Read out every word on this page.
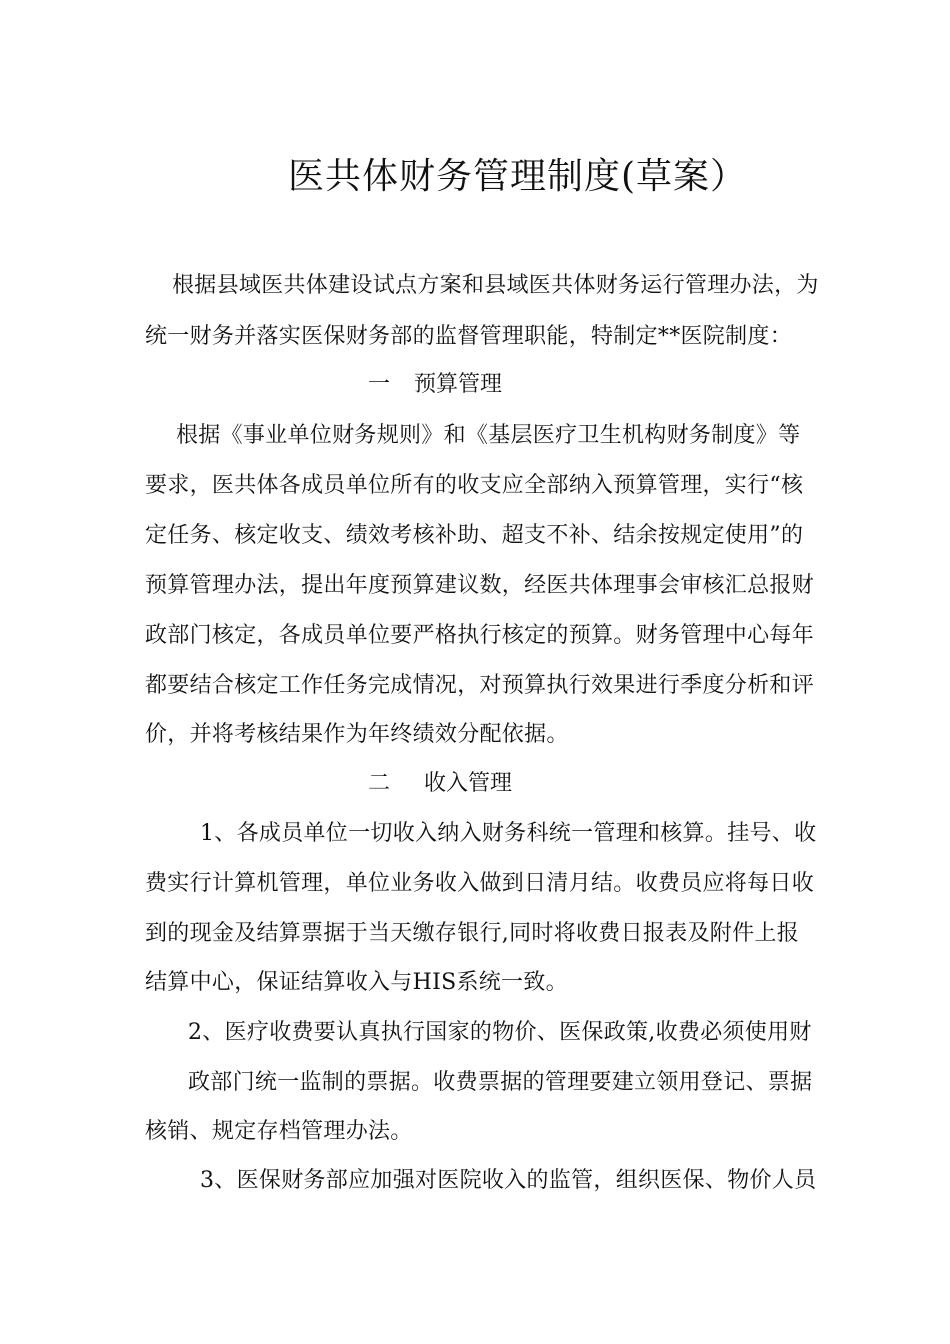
医共体财务管理制度(草案）
根据县域医共体建设试点方案和县域医共体财务运行管理办法，为
统一财务并落实医保财务部的监督管理职能，特制定**医院制度：
一 预算管理
根据《事业单位财务规则》和《基层医疗卫生机构财务制度》等
要求，医共体各成员单位所有的收支应全部纳入预算管理，实行“核
定任务、核定收支、绩效考核补助、超支不补、结余按规定使用”的
预算管理办法，提出年度预算建议数，经医共体理事会审核汇总报财
政部门核定，各成员单位要严格执行核定的预算。财务管理中心每年
都要结合核定工作任务完成情况，对预算执行效果进行季度分析和评
价，并将考核结果作为年终绩效分配依据。
二 收入管理
1、各成员单位一切收入纳入财务科统一管理和核算。挂号、收
费实行计算机管理，单位业务收入做到日清月结。收费员应将每日收
到的现金及结算票据于当天缴存银行,同时将收费日报表及附件上报
结算中心，保证结算收入与HIS系统一致。
2、医疗收费要认真执行国家的物价、医保政策,收费必须使用财
政部门统一监制的票据。收费票据的管理要建立领用登记、票据
核销、规定存档管理办法。
3、医保财务部应加强对医院收入的监管，组织医保、物价人员
